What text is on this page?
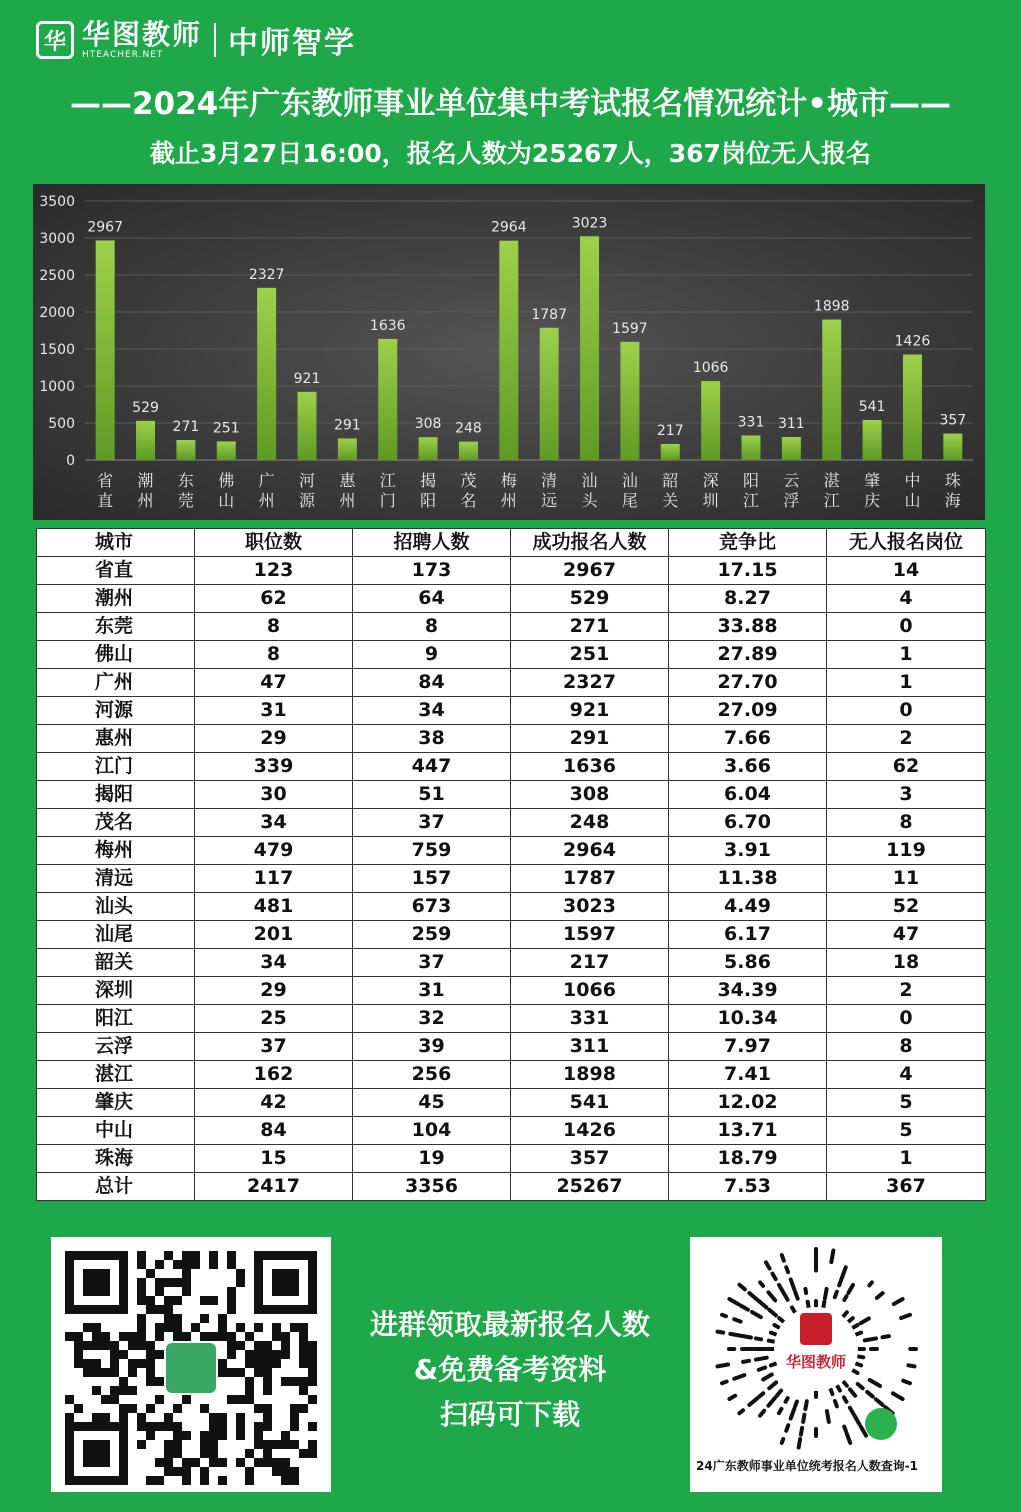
华 华图教师
HTEACHER.NET	中师智学
——2024年广东教师事业单位集中考试报名情况统计•城市——
截止3月27日16:00，报名人数为25267人，367岗位无人报名
0
500
1000
1500
2000
2500
3000
3500
2967
省直
529
潮州
271
东莞
251
佛山
2327
广州
921
河源
291
惠州
1636
江门
308
揭阳
248
茂名
2964
梅州
1787
清远
3023
汕头
1597
汕尾
217
韶关
1066
深圳
331
阳江
311
云浮
1898
湛江
541
肇庆
1426
中山
357
珠海
城市	职位数	招聘人数	成功报名人数	竞争比	无人报名岗位
省直	123	173	2967	17.15	14
潮州	62	64	529	8.27	4
东莞	8	8	271	33.88	0
佛山	8	9	251	27.89	1
广州	47	84	2327	27.70	1
河源	31	34	921	27.09	0
惠州	29	38	291	7.66	2
江门	339	447	1636	3.66	62
揭阳	30	51	308	6.04	3
茂名	34	37	248	6.70	8
梅州	479	759	2964	3.91	119
清远	117	157	1787	11.38	11
汕头	481	673	3023	4.49	52
汕尾	201	259	1597	6.17	47
韶关	34	37	217	5.86	18
深圳	29	31	1066	34.39	2
阳江	25	32	331	10.34	0
云浮	37	39	311	7.97	8
湛江	162	256	1898	7.41	4
肇庆	42	45	541	12.02	5
中山	84	104	1426	13.71	5
珠海	15	19	357	18.79	1
总计	2417	3356	25267	7.53	367
进群领取最新报名人数
&免费备考资料
扫码可下载
华图教师
24广东教师事业单位统考报名人数查询-1
